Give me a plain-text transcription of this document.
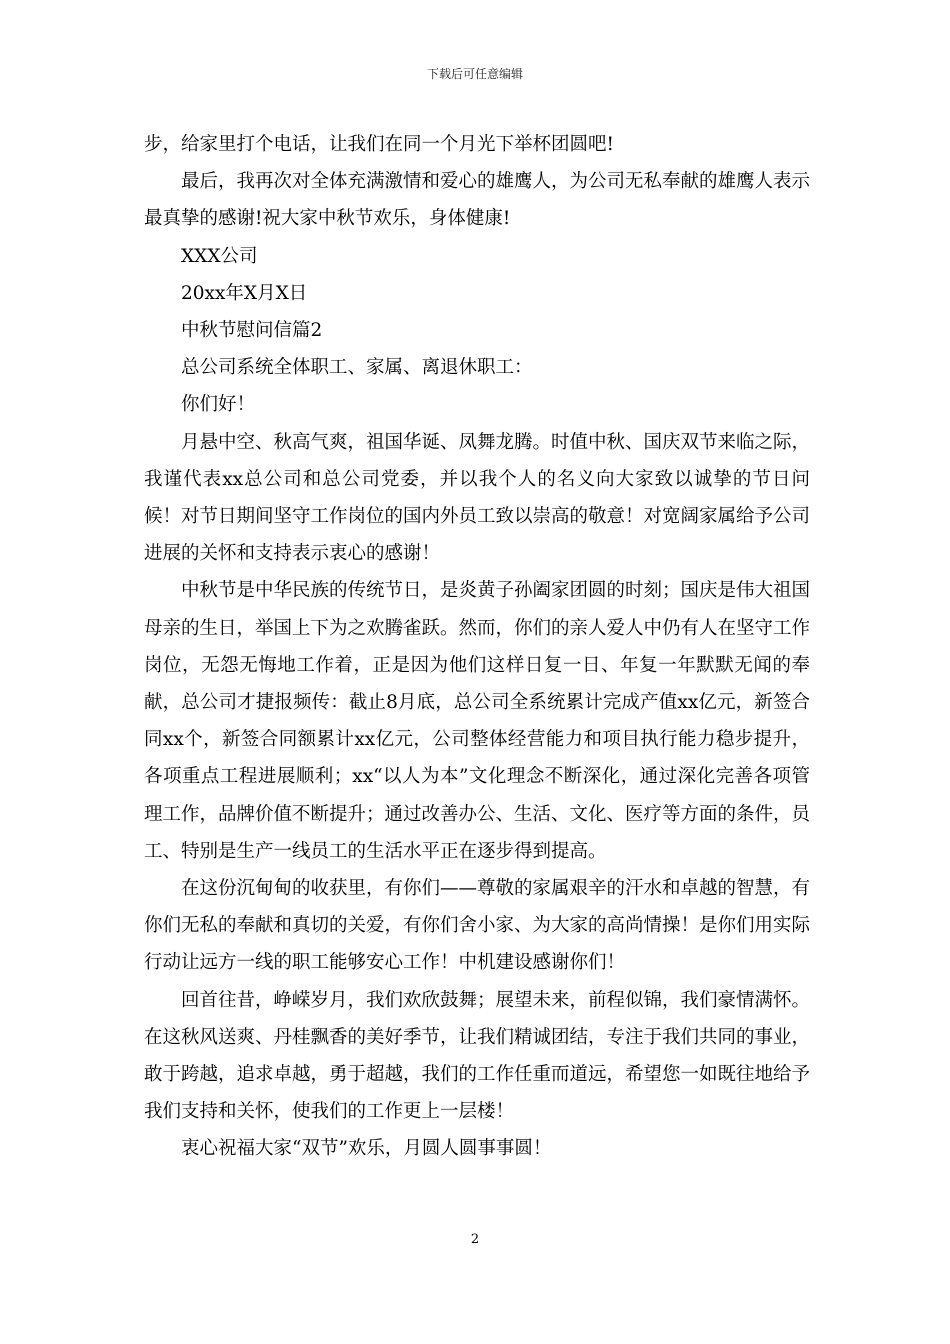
下载后可任意编辑

步，给家里打个电话，让我们在同一个月光下举杯团圆吧!

最后，我再次对全体充满激情和爱心的雄鹰人，为公司无私奉献的雄鹰人表示最真挚的感谢!祝大家中秋节欢乐，身体健康!

XXX公司

20xx年X月X日

中秋节慰问信篇2

总公司系统全体职工、家属、离退休职工：

你们好！

月悬中空、秋高气爽，祖国华诞、凤舞龙腾。时值中秋、国庆双节来临之际，我谨代表xx总公司和总公司党委，并以我个人的名义向大家致以诚挚的节日问候！对节日期间坚守工作岗位的国内外员工致以崇高的敬意！对宽阔家属给予公司进展的关怀和支持表示衷心的感谢！

中秋节是中华民族的传统节日，是炎黄子孙阖家团圆的时刻；国庆是伟大祖国母亲的生日，举国上下为之欢腾雀跃。然而，你们的亲人爱人中仍有人在坚守工作岗位，无怨无悔地工作着，正是因为他们这样日复一日、年复一年默默无闻的奉献，总公司才捷报频传：截止8月底，总公司全系统累计完成产值xx亿元，新签合同xx个，新签合同额累计xx亿元，公司整体经营能力和项目执行能力稳步提升，各项重点工程进展顺利；xx“以人为本”文化理念不断深化，通过深化完善各项管理工作，品牌价值不断提升；通过改善办公、生活、文化、医疗等方面的条件，员工、特别是生产一线员工的生活水平正在逐步得到提高。

在这份沉甸甸的收获里，有你们——尊敬的家属艰辛的汗水和卓越的智慧，有你们无私的奉献和真切的关爱，有你们舍小家、为大家的高尚情操！是你们用实际行动让远方一线的职工能够安心工作！中机建设感谢你们！

回首往昔，峥嵘岁月，我们欢欣鼓舞；展望未来，前程似锦，我们豪情满怀。在这秋风送爽、丹桂飘香的美好季节，让我们精诚团结，专注于我们共同的事业，敢于跨越，追求卓越，勇于超越，我们的工作任重而道远，希望您一如既往地给予我们支持和关怀，使我们的工作更上一层楼！

衷心祝福大家“双节”欢乐，月圆人圆事事圆！

2
